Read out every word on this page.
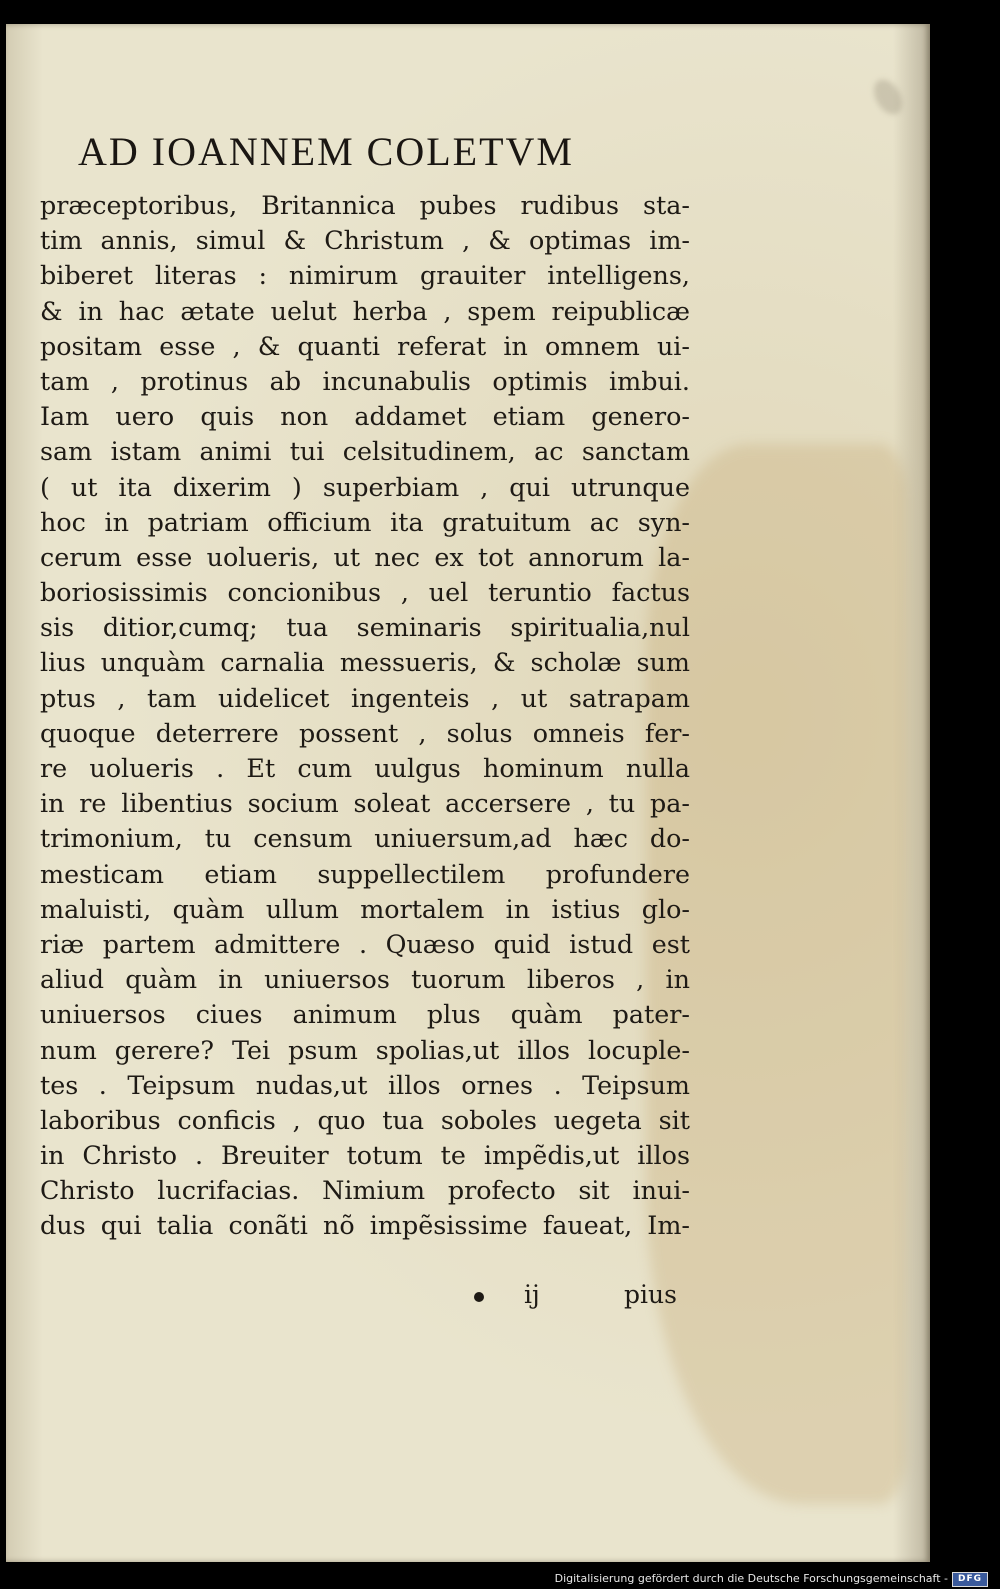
AD IOANNEM COLETVM
præceptoribus, Britannica pubes rudibus sta-
tim annis, simul & Christum , & optimas im-
biberet literas : nimirum grauiter intelligens,
& in hac ætate uelut herba , spem reipublicæ
positam esse , & quanti referat in omnem ui-
tam , protinus ab incunabulis optimis imbui.
Iam uero quis non addamet etiam genero-
sam istam animi tui celsitudinem, ac sanctam
( ut ita dixerim ) superbiam , qui utrunque
hoc in patriam officium ita gratuitum ac syn-
cerum esse uolueris, ut nec ex tot annorum la-
boriosissimis concionibus , uel teruntio factus
sis ditior,cumq; tua seminaris spiritualia,nul
lius unquàm carnalia messueris, & scholæ sum
ptus , tam uidelicet ingenteis , ut satrapam
quoque deterrere possent , solus omneis fer-
re uolueris . Et cum uulgus hominum nulla
in re libentius socium soleat accersere , tu pa-
trimonium, tu censum uniuersum,ad hæc do-
mesticam etiam suppellectilem profundere
maluisti, quàm ullum mortalem in istius glo-
riæ partem admittere . Quæso quid istud est
aliud quàm in uniuersos tuorum liberos , in
uniuersos ciues animum plus quàm pater-
num gerere? Tei psum spolias,ut illos locuple-
tes . Teipsum nudas,ut illos ornes . Teipsum
laboribus conficis , quo tua soboles uegeta sit
in Christo . Breuiter totum te impẽdis,ut illos
Christo lucrifacias. Nimium profecto sit inui-
dus qui talia conãti nõ impẽsissime faueat, Im-
ij	pius
Digitalisierung gefördert durch die Deutsche Forschungsgemeinschaft -	DFG
